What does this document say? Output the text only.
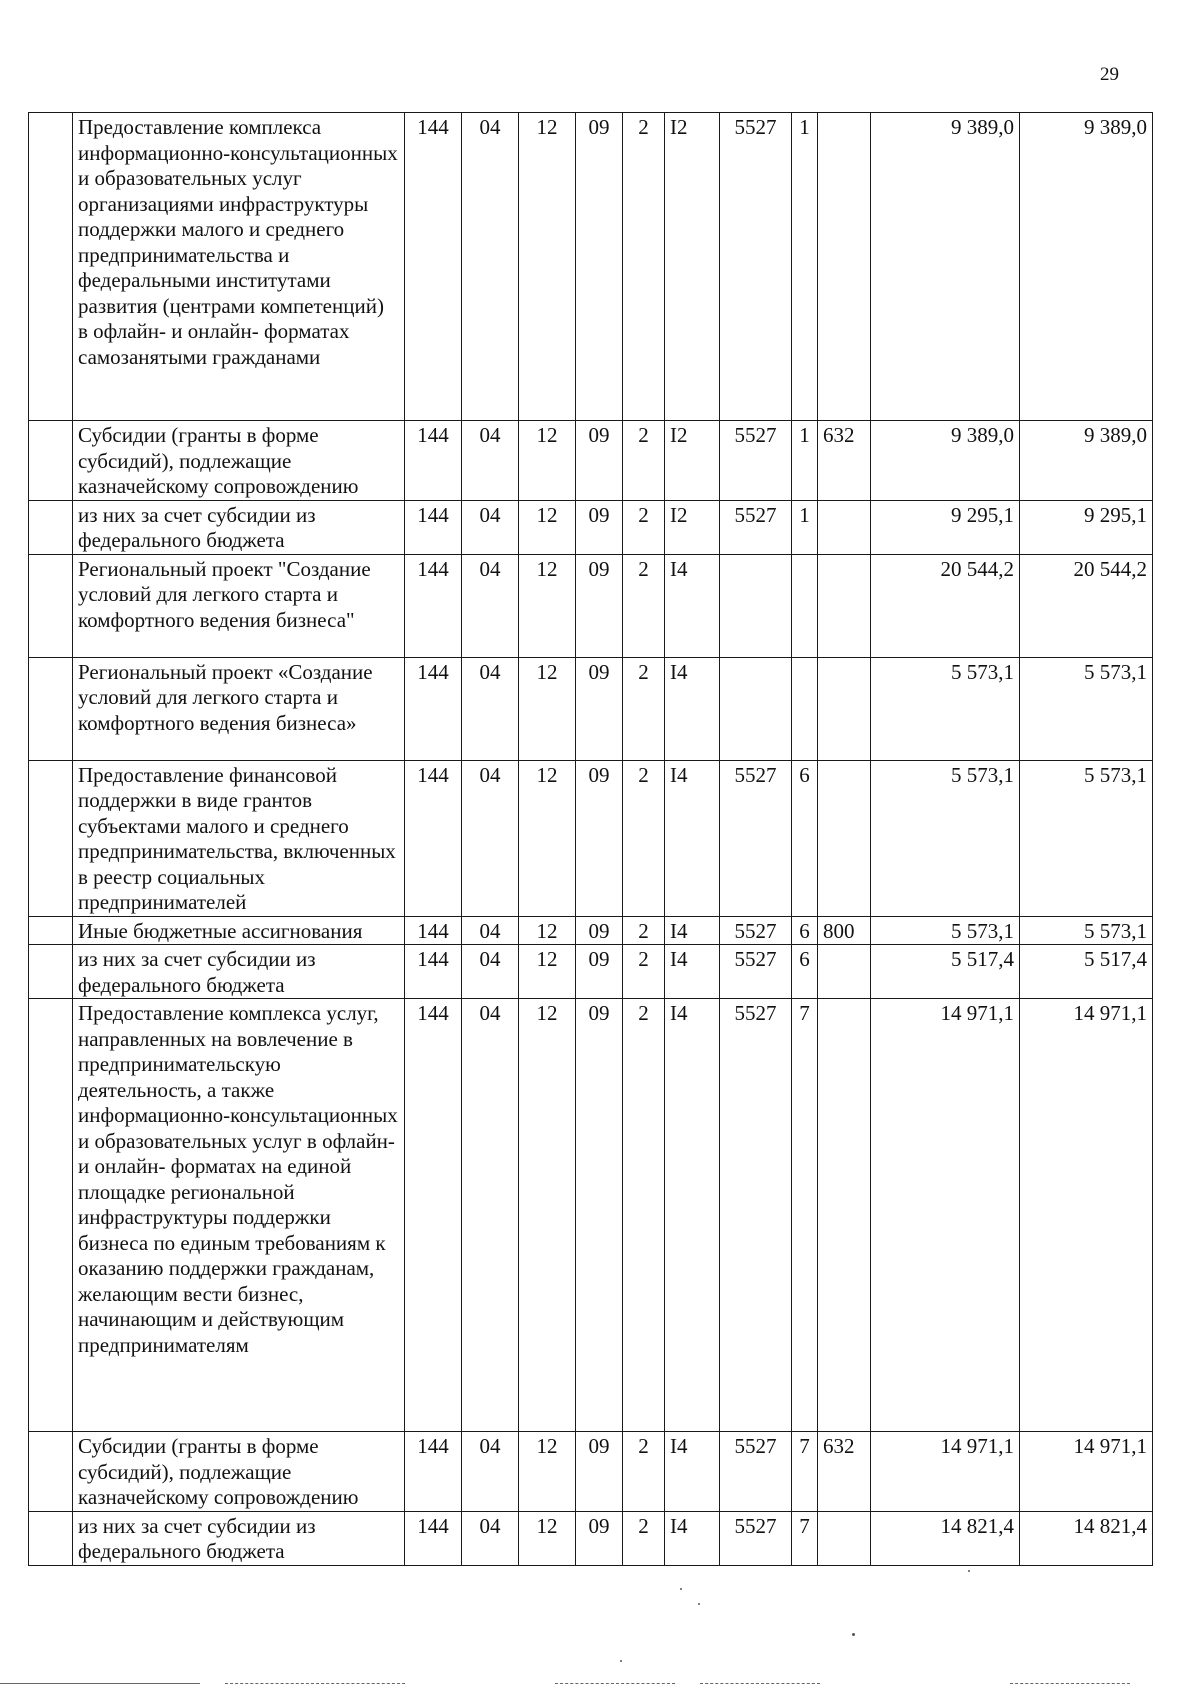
29
	Предоставление комплекса информационно-консультационных и образовательных услуг организациями инфраструктуры поддержки малого и среднего предпринимательства и федеральными институтами развития (центрами компетенций) в офлайн- и онлайн- форматах самозанятыми гражданами	144	04	12	09	2	I2	5527	1		9 389,0	9 389,0
	Субсидии (гранты в форме субсидий), подлежащие казначейскому сопровождению	144	04	12	09	2	I2	5527	1	632	9 389,0	9 389,0
	из них за счет субсидии из федерального бюджета	144	04	12	09	2	I2	5527	1		9 295,1	9 295,1
	Региональный проект "Создание условий для легкого старта и комфортного ведения бизнеса"	144	04	12	09	2	I4				20 544,2	20 544,2
	Региональный проект «Создание условий для легкого старта и комфортного ведения бизнеса»	144	04	12	09	2	I4				5 573,1	5 573,1
	Предоставление финансовой поддержки в виде грантов субъектами малого и среднего предпринимательства, включенных в реестр социальных предпринимателей	144	04	12	09	2	I4	5527	6		5 573,1	5 573,1
	Иные бюджетные ассигнования	144	04	12	09	2	I4	5527	6	800	5 573,1	5 573,1
	из них за счет субсидии из федерального бюджета	144	04	12	09	2	I4	5527	6		5 517,4	5 517,4
	Предоставление комплекса услуг, направленных на вовлечение в предпринимательскую деятельность, а также информационно-консультационных и образовательных услуг в офлайн- и онлайн- форматах на единой площадке региональной инфраструктуры поддержки бизнеса по единым требованиям к оказанию поддержки гражданам, желающим вести бизнес, начинающим и действующим предпринимателям	144	04	12	09	2	I4	5527	7		14 971,1	14 971,1
	Субсидии (гранты в форме субсидий), подлежащие казначейскому сопровождению	144	04	12	09	2	I4	5527	7	632	14 971,1	14 971,1
	из них за счет субсидии из федерального бюджета	144	04	12	09	2	I4	5527	7		14 821,4	14 821,4
